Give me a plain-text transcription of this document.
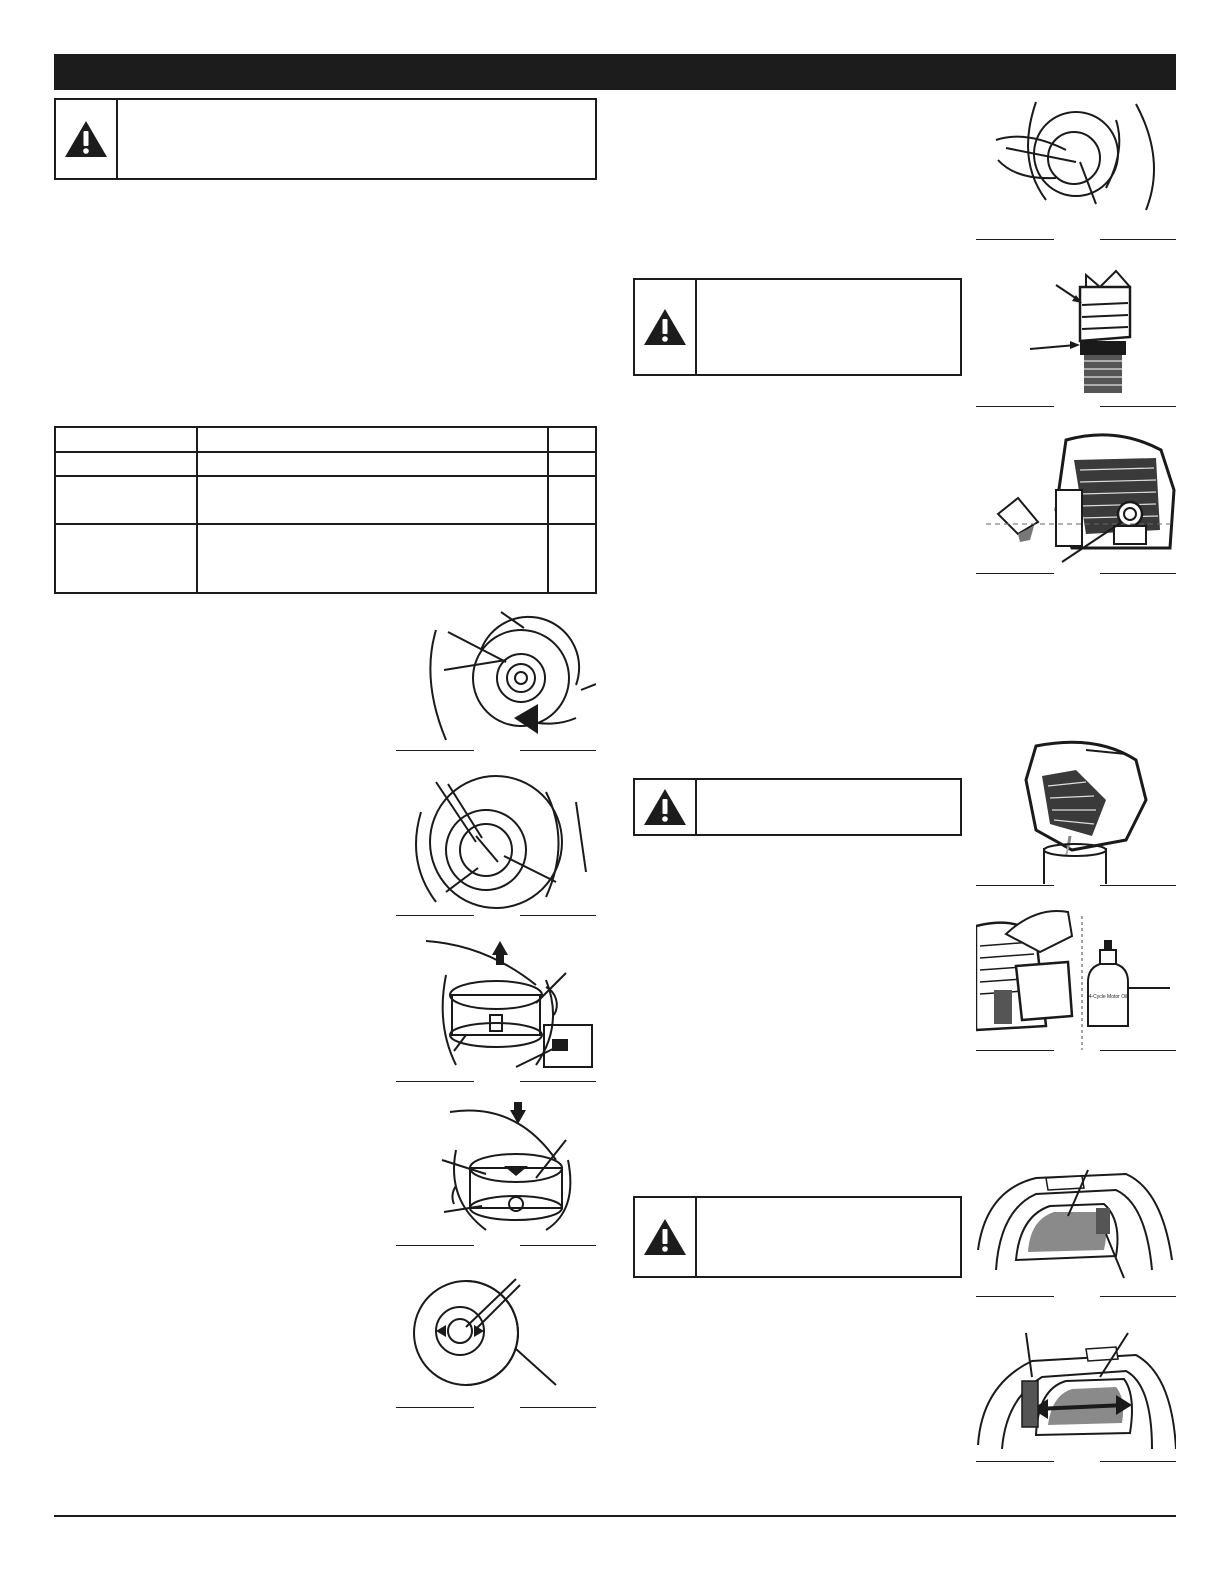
4-Cycle Motor Oil
